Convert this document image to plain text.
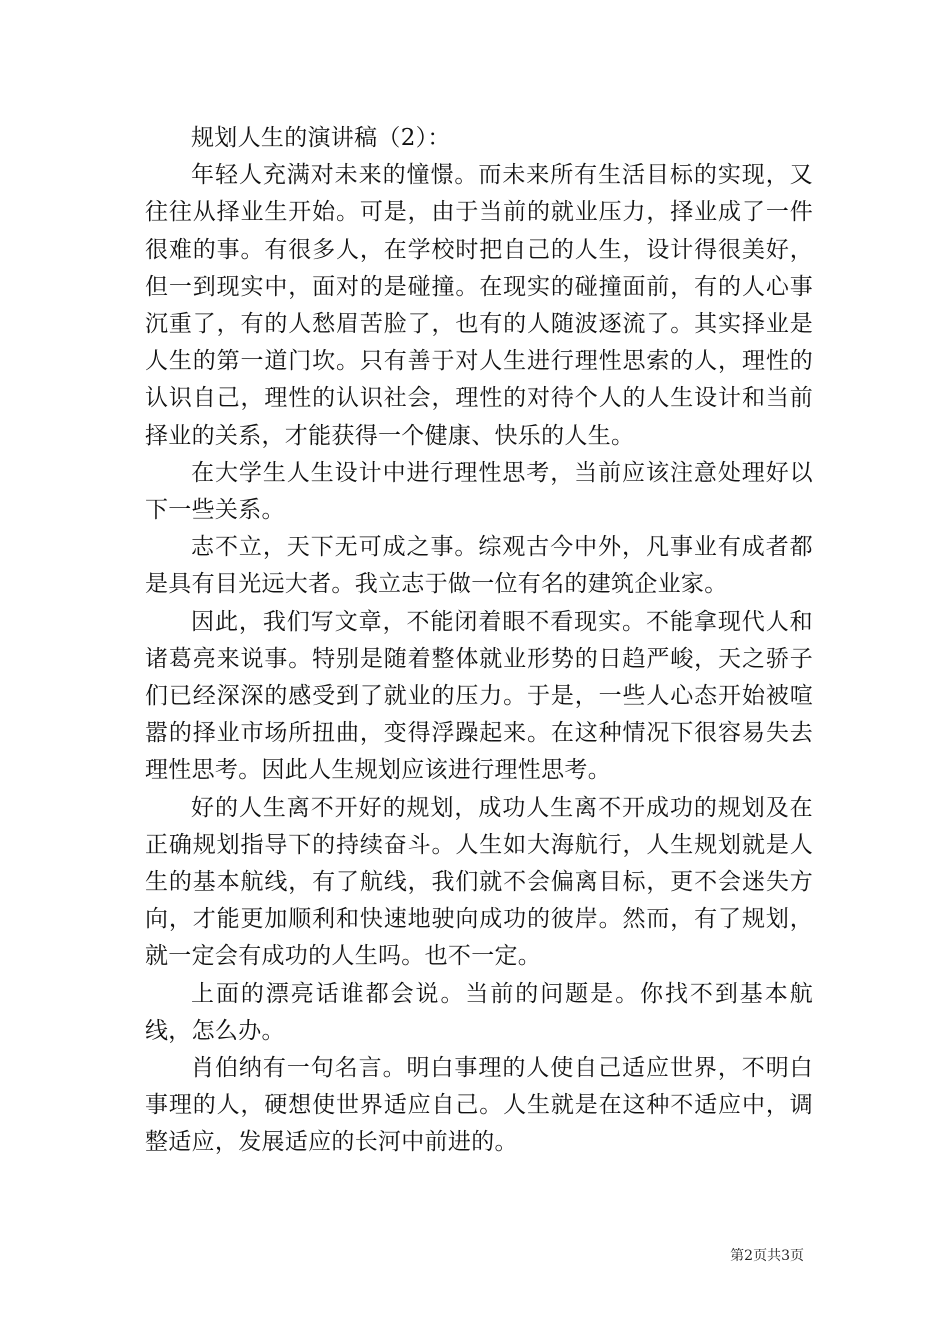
规划人生的演讲稿（2）：

年轻人充满对未来的憧憬。而未来所有生活目标的实现，又往往从择业生开始。可是，由于当前的就业压力，择业成了一件很难的事。有很多人，在学校时把自己的人生，设计得很美好，但一到现实中，面对的是碰撞。在现实的碰撞面前，有的人心事沉重了，有的人愁眉苦脸了，也有的人随波逐流了。其实择业是人生的第一道门坎。只有善于对人生进行理性思索的人，理性的认识自己，理性的认识社会，理性的对待个人的人生设计和当前择业的关系，才能获得一个健康、快乐的人生。

在大学生人生设计中进行理性思考，当前应该注意处理好以下一些关系。

志不立，天下无可成之事。综观古今中外，凡事业有成者都是具有目光远大者。我立志于做一位有名的建筑企业家。

因此，我们写文章，不能闭着眼不看现实。不能拿现代人和诸葛亮来说事。特别是随着整体就业形势的日趋严峻，天之骄子们已经深深的感受到了就业的压力。于是，一些人心态开始被喧嚣的择业市场所扭曲，变得浮躁起来。在这种情况下很容易失去理性思考。因此人生规划应该进行理性思考。

好的人生离不开好的规划，成功人生离不开成功的规划及在正确规划指导下的持续奋斗。人生如大海航行，人生规划就是人生的基本航线，有了航线，我们就不会偏离目标，更不会迷失方向，才能更加顺利和快速地驶向成功的彼岸。然而，有了规划，就一定会有成功的人生吗。也不一定。

上面的漂亮话谁都会说。当前的问题是。你找不到基本航线，怎么办。

肖伯纳有一句名言。明白事理的人使自己适应世界，不明白事理的人，硬想使世界适应自己。人生就是在这种不适应中，调整适应，发展适应的长河中前进的。

第2页共3页
